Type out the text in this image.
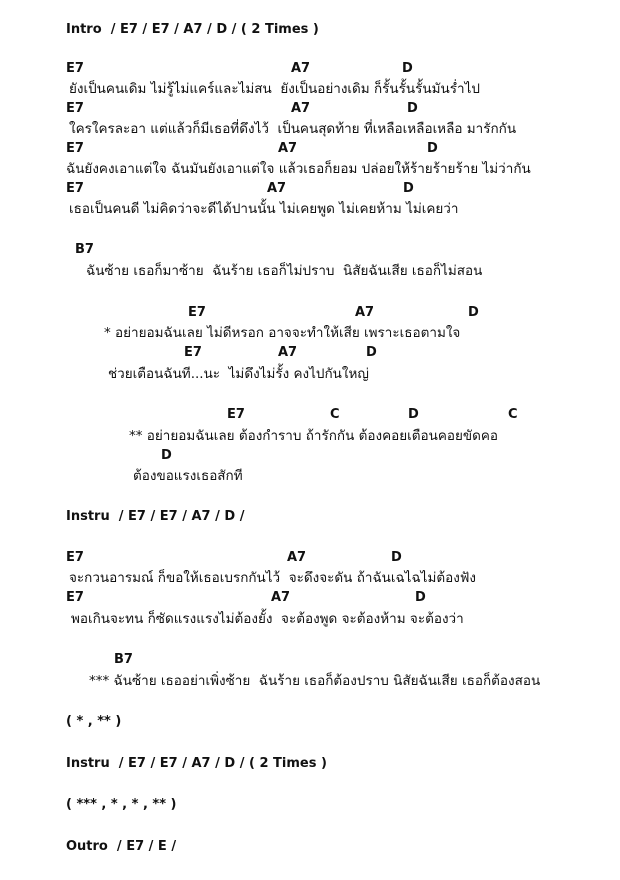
Intro  / E7 / E7 / A7 / D / ( 2 Times )
E7	A7	D
ยังเป็นคนเดิม ไม่รู้ไม่แคร์และไม่สน  ยังเป็นอย่างเดิม ก็รั้นรั้นรั้นมันร่ำไป
E7	A7	D
ใครใครละอา แต่แล้วก็มีเธอที่ดึงไว้  เป็นคนสุดท้าย ที่เหลือเหลือเหลือ มารักกัน
E7	A7	D
ฉันยังคงเอาแต่ใจ ฉันมันยังเอาแต่ใจ แล้วเธอก็ยอม ปล่อยให้ร้ายร้ายร้าย ไม่ว่ากัน
E7	A7	D
เธอเป็นคนดี ไม่คิดว่าจะดีได้ปานนั้น ไม่เคยพูด ไม่เคยห้าม ไม่เคยว่า
B7
ฉันซ้าย เธอก็มาซ้าย  ฉันร้าย เธอก็ไม่ปราบ  นิสัยฉันเสีย เธอก็ไม่สอน
E7	A7	D
* อย่ายอมฉันเลย ไม่ดีหรอก อาจจะทำให้เสีย เพราะเธอตามใจ
E7	A7	D
ช่วยเตือนฉันที...นะ  ไม่ดึงไม่รั้ง คงไปกันใหญ่
E7	C	D	C
** อย่ายอมฉันเลย ต้องกำราบ ถ้ารักกัน ต้องคอยเตือนคอยขัดคอ
D
ต้องขอแรงเธอสักที
Instru  / E7 / E7 / A7 / D /
E7	A7	D
จะกวนอารมณ์ ก็ขอให้เธอเบรกกันไว้  จะดึงจะดัน ถ้าฉันเฉไฉไม่ต้องฟัง
E7	A7	D
พอเกินจะทน ก็ซัดแรงแรงไม่ต้องยั้ง  จะต้องพูด จะต้องห้าม จะต้องว่า
B7
*** ฉันซ้าย เธออย่าเพิ่งซ้าย  ฉันร้าย เธอก็ต้องปราบ นิสัยฉันเสีย เธอก็ต้องสอน
( * , ** )
Instru  / E7 / E7 / A7 / D / ( 2 Times )
( *** , * , * , ** )
Outro  / E7 / E /
